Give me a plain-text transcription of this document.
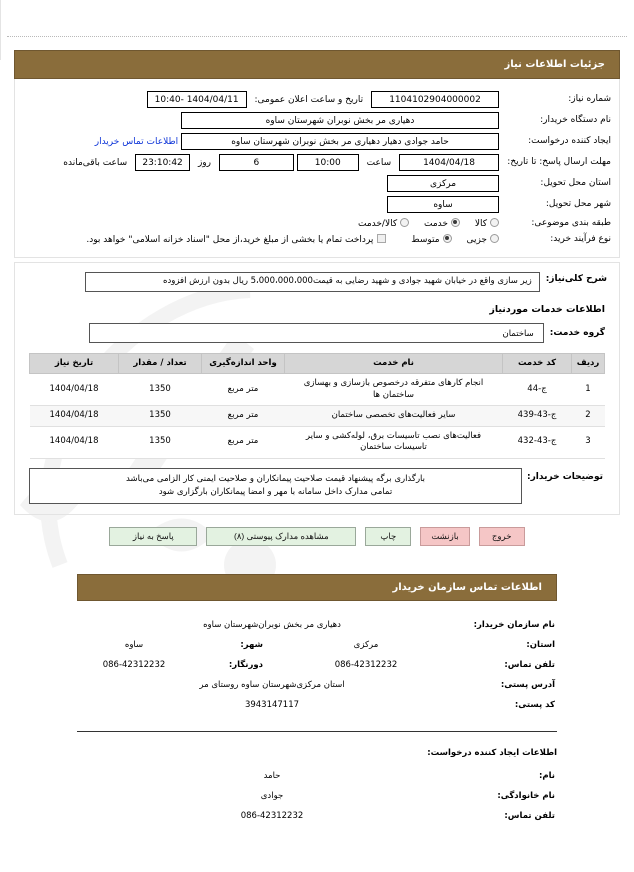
جزئیات اطلاعات نیاز
شماره نیاز:	1104102904000002 تاریخ و ساعت اعلان عمومی: 1404/04/11 -10:40
نام دستگاه خریدار:	دهیاری مر بخش نوبران شهرستان ساوه
ایجاد کننده درخواست:	حامد جوادی دهیار دهیاری مر بخش نوبران شهرستان ساوه اطلاعات تماس خریدار
مهلت ارسال پاسخ: تا تاریخ:	1404/04/18 ساعت 10:00 6 روز 23:10:42 ساعت باقی‌مانده
استان محل تحویل:	مرکزی
شهر محل تحویل:	ساوه
طبقه بندی موضوعی:	کالا خدمت کالا/خدمت
نوع فرآیند خرید:	جزیی متوسط پرداخت تمام یا بخشی از مبلغ خرید،از محل "اسناد خزانه اسلامی" خواهد بود.
شرح کلی‌نیاز:
زیر سازی واقع در خیابان شهید جوادی و شهید رضایی به قیمت5،000،000،000 ریال بدون ارزش افزوده
اطلاعات خدمات موردنیاز
گروه خدمت:
ساختمان
ردیف	کد خدمت	نام خدمت	واحد اندازه‌گیری	تعداد / مقدار	تاریخ نیاز
1	ج-44	انجام کارهای متفرقه درخصوص بازسازی و بهسازی ساختمان ها	متر مربع	1350	1404/04/18
2	ج-43-439	سایر فعالیت‌های تخصصی ساختمان	متر مربع	1350	1404/04/18
3	ج-43-432	فعالیت‌های نصب تاسیسات برق، لوله‌کشی و سایر تاسیسات ساختمان	متر مربع	1350	1404/04/18
توضیحات خریدار:
بارگذاری برگه پیشنهاد قیمت صلاحیت پیمانکاران و صلاحیت ایمنی کار الزامی می‌باشد
تمامی مدارک داخل سامانه با مهر و امضا پیمانکاران بارگزاری شود
خروج
بازنشت
چاپ
مشاهده مدارک پیوستی (۸)
پاسخ به نیاز
اطلاعات تماس سازمان خریدار
نام سازمان خریدار:	دهیاری مر بخش نوبران‌شهرستان ساوه		
استان:	مرکزی	شهر:	ساوه
تلفن تماس:	086-42312232	دورنگار:	086-42312232
آدرس پستی:	استان مرکزی‌شهرستان ساوه روستای مر		
کد پستی:	3943147117		
اطلاعات ایجاد کننده درخواست:
نام:	حامد
نام خانوادگی:	جوادی
تلفن تماس:	086-42312232
